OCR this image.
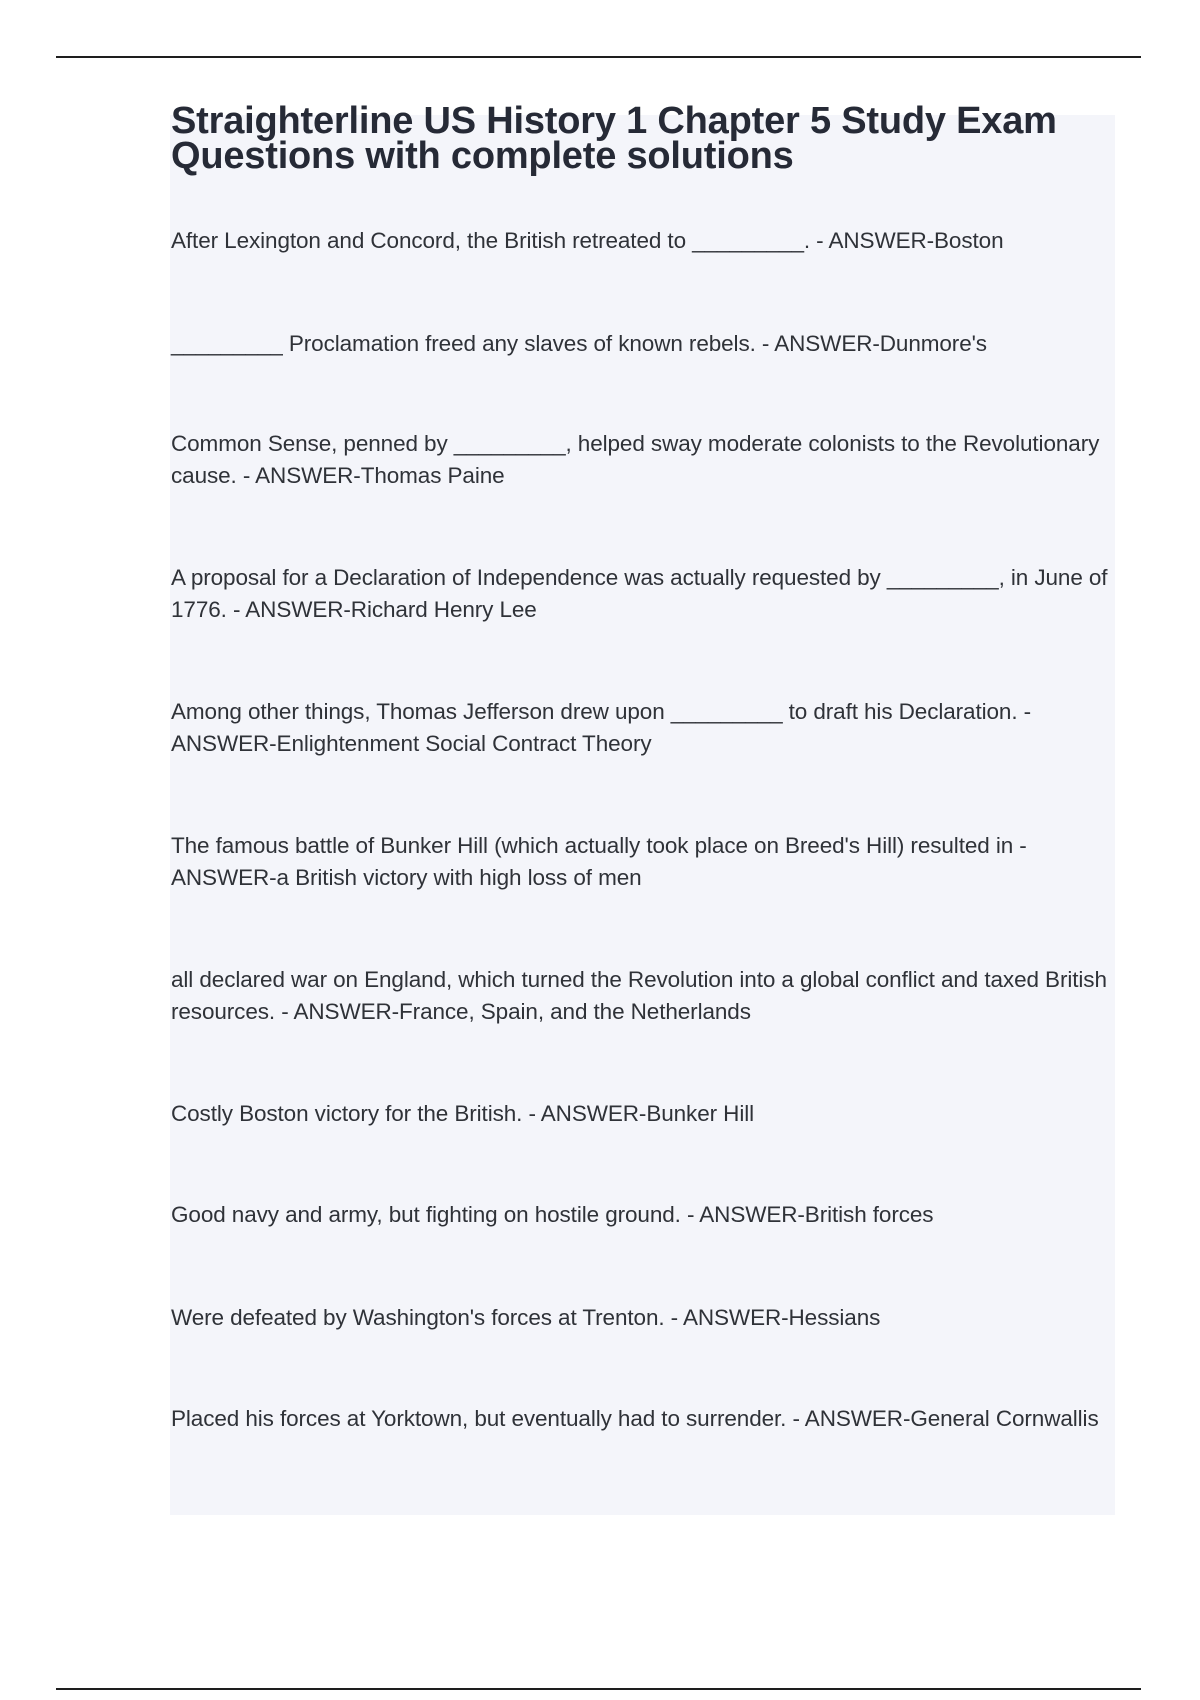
Straighterline US History 1 Chapter 5 Study Exam Questions with complete solutions

After Lexington and Concord, the British retreated to _________. - ANSWER-Boston

_________ Proclamation freed any slaves of known rebels. - ANSWER-Dunmore's

Common Sense, penned by _________, helped sway moderate colonists to the Revolutionary cause. - ANSWER-Thomas Paine

A proposal for a Declaration of Independence was actually requested by _________, in June of 1776. - ANSWER-Richard Henry Lee

Among other things, Thomas Jefferson drew upon _________ to draft his Declaration. - ANSWER-Enlightenment Social Contract Theory

The famous battle of Bunker Hill (which actually took place on Breed's Hill) resulted in - ANSWER-a British victory with high loss of men

all declared war on England, which turned the Revolution into a global conflict and taxed British resources. - ANSWER-France, Spain, and the Netherlands

Costly Boston victory for the British. - ANSWER-Bunker Hill

Good navy and army, but fighting on hostile ground. - ANSWER-British forces

Were defeated by Washington's forces at Trenton. - ANSWER-Hessians

Placed his forces at Yorktown, but eventually had to surrender. - ANSWER-General Cornwallis
